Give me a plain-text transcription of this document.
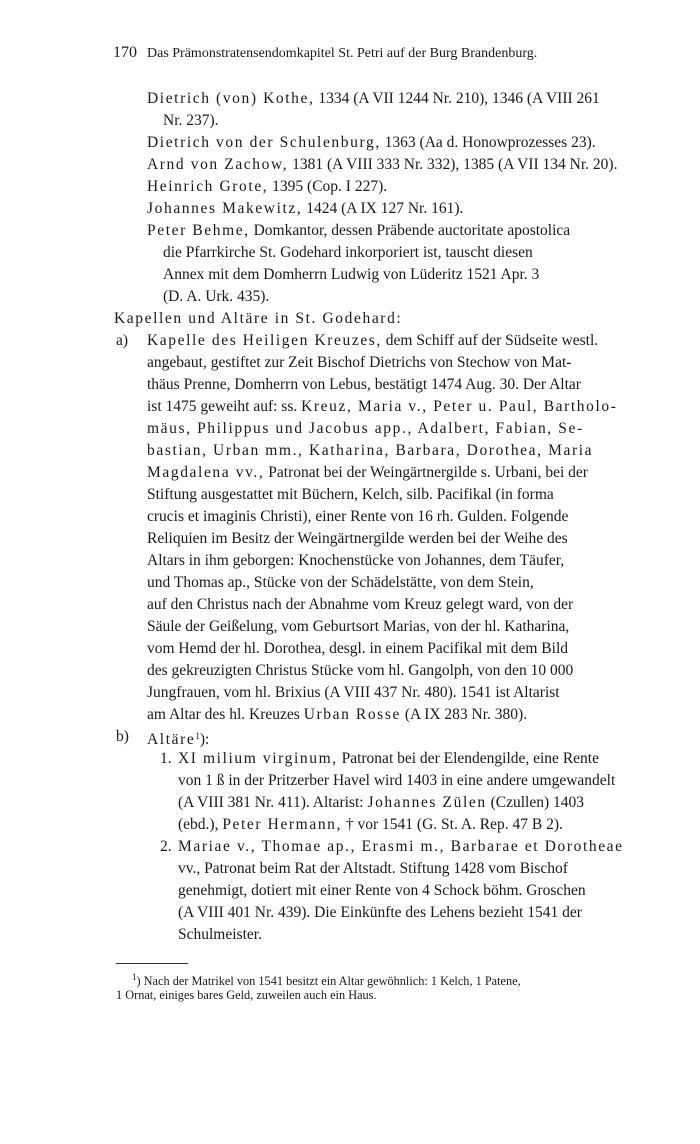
170 Das Prämonstratensendomkapitel St. Petri auf der Burg Brandenburg.
Dietrich (von) Kothe, 1334 (A VII 1244 Nr. 210), 1346 (A VIII 261
Nr. 237).
Dietrich von der Schulenburg, 1363 (Aa d. Honowprozesses 23).
Arnd von Zachow, 1381 (A VIII 333 Nr. 332), 1385 (A VII 134 Nr. 20).
Heinrich Grote, 1395 (Cop. I 227).
Johannes Makewitz, 1424 (A IX 127 Nr. 161).
Peter Behme, Domkantor, dessen Präbende auctoritate apostolica
die Pfarrkirche St. Godehard inkorporiert ist, tauscht diesen
Annex mit dem Domherrn Ludwig von Lüderitz 1521 Apr. 3
(D. A. Urk. 435).
Kapellen und Altäre in St. Godehard:
a) Kapelle des Heiligen Kreuzes, dem Schiff auf der Südseite westl.
angebaut, gestiftet zur Zeit Bischof Dietrichs von Stechow von Mat-
thäus Prenne, Domherrn von Lebus, bestätigt 1474 Aug. 30. Der Altar
ist 1475 geweiht auf: ss. Kreuz, Maria v., Peter u. Paul, Bartholo-
mäus, Philippus und Jacobus app., Adalbert, Fabian, Se-
bastian, Urban mm., Katharina, Barbara, Dorothea, Maria
Magdalena vv., Patronat bei der Weingärtnergilde s. Urbani, bei der
Stiftung ausgestattet mit Büchern, Kelch, silb. Pacifikal (in forma
crucis et imaginis Christi), einer Rente von 16 rh. Gulden. Folgende
Reliquien im Besitz der Weingärtnergilde werden bei der Weihe des
Altars in ihm geborgen: Knochenstücke von Johannes, dem Täufer,
und Thomas ap., Stücke von der Schädelstätte, von dem Stein,
auf den Christus nach der Abnahme vom Kreuz gelegt ward, von der
Säule der Geißelung, vom Geburtsort Marias, von der hl. Katharina,
vom Hemd der hl. Dorothea, desgl. in einem Pacifikal mit dem Bild
des gekreuzigten Christus Stücke vom hl. Gangolph, von den 10 000
Jungfrauen, vom hl. Brixius (A VIII 437 Nr. 480). 1541 ist Altarist
am Altar des hl. Kreuzes Urban Rosse (A IX 283 Nr. 380).
b) Altäre$^1$):
1. XI milium virginum, Patronat bei der Elendengilde, eine Rente
von 1 ß in der Pritzerber Havel wird 1403 in eine andere umgewandelt
(A VIII 381 Nr. 411). Altarist: Johannes Zülen (Czullen) 1403
(ebd.), Peter Hermann, † vor 1541 (G. St. A. Rep. 47 B 2).
2. Mariae v., Thomae ap., Erasmi m., Barbarae et Dorotheae
vv., Patronat beim Rat der Altstadt. Stiftung 1428 vom Bischof
genehmigt, dotiert mit einer Rente von 4 Schock böhm. Groschen
(A VIII 401 Nr. 439). Die Einkünfte des Lehens bezieht 1541 der
Schulmeister.
$^1$) Nach der Matrikel von 1541 besitzt ein Altar gewöhnlich: 1 Kelch, 1 Patene,
1 Ornat, einiges bares Geld, zuweilen auch ein Haus.
